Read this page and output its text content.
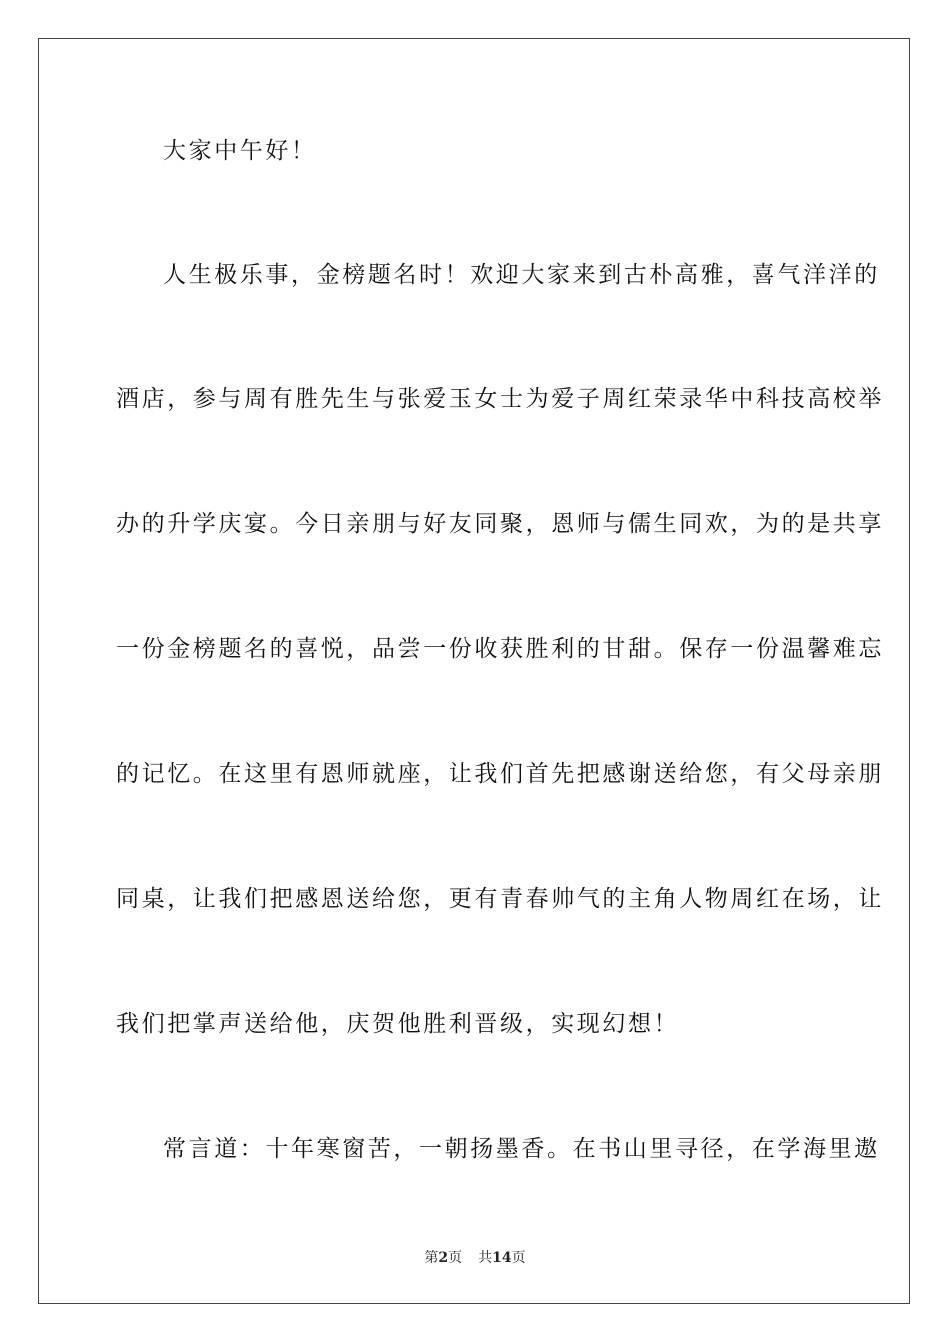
大家中午好！
人生极乐事，金榜题名时！欢迎大家来到古朴高雅，喜气洋洋的
酒店，参与周有胜先生与张爱玉女士为爱子周红荣录华中科技高校举
办的升学庆宴。今日亲朋与好友同聚，恩师与儒生同欢，为的是共享
一份金榜题名的喜悦，品尝一份收获胜利的甘甜。保存一份温馨难忘
的记忆。在这里有恩师就座，让我们首先把感谢送给您，有父母亲朋
同桌，让我们把感恩送给您，更有青春帅气的主角人物周红在场，让
我们把掌声送给他，庆贺他胜利晋级，实现幻想！
常言道：十年寒窗苦，一朝扬墨香。在书山里寻径，在学海里遨
第2页 共14页
